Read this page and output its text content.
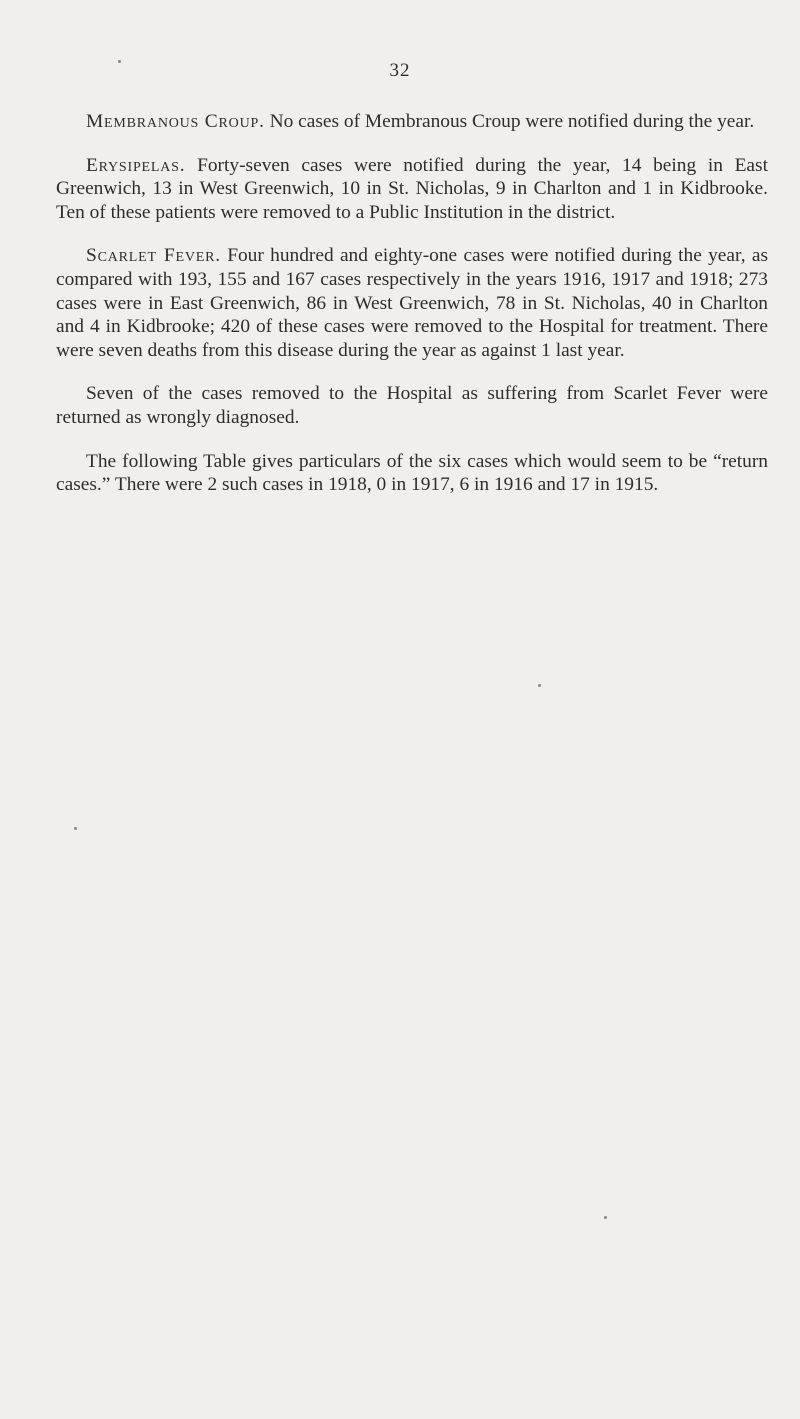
32

Membranous Croup. No cases of Membranous Croup were notified during the year.

Erysipelas. Forty-seven cases were notified during the year, 14 being in East Greenwich, 13 in West Greenwich, 10 in St. Nicholas, 9 in Charlton and 1 in Kidbrooke. Ten of these patients were removed to a Public Institution in the district.

Scarlet Fever. Four hundred and eighty-one cases were notified during the year, as compared with 193, 155 and 167 cases respectively in the years 1916, 1917 and 1918; 273 cases were in East Greenwich, 86 in West Greenwich, 78 in St. Nicholas, 40 in Charlton and 4 in Kidbrooke; 420 of these cases were removed to the Hospital for treatment. There were seven deaths from this disease during the year as against 1 last year.

Seven of the cases removed to the Hospital as suffering from Scarlet Fever were returned as wrongly diagnosed.

The following Table gives particulars of the six cases which would seem to be “return cases.” There were 2 such cases in 1918, 0 in 1917, 6 in 1916 and 17 in 1915.
